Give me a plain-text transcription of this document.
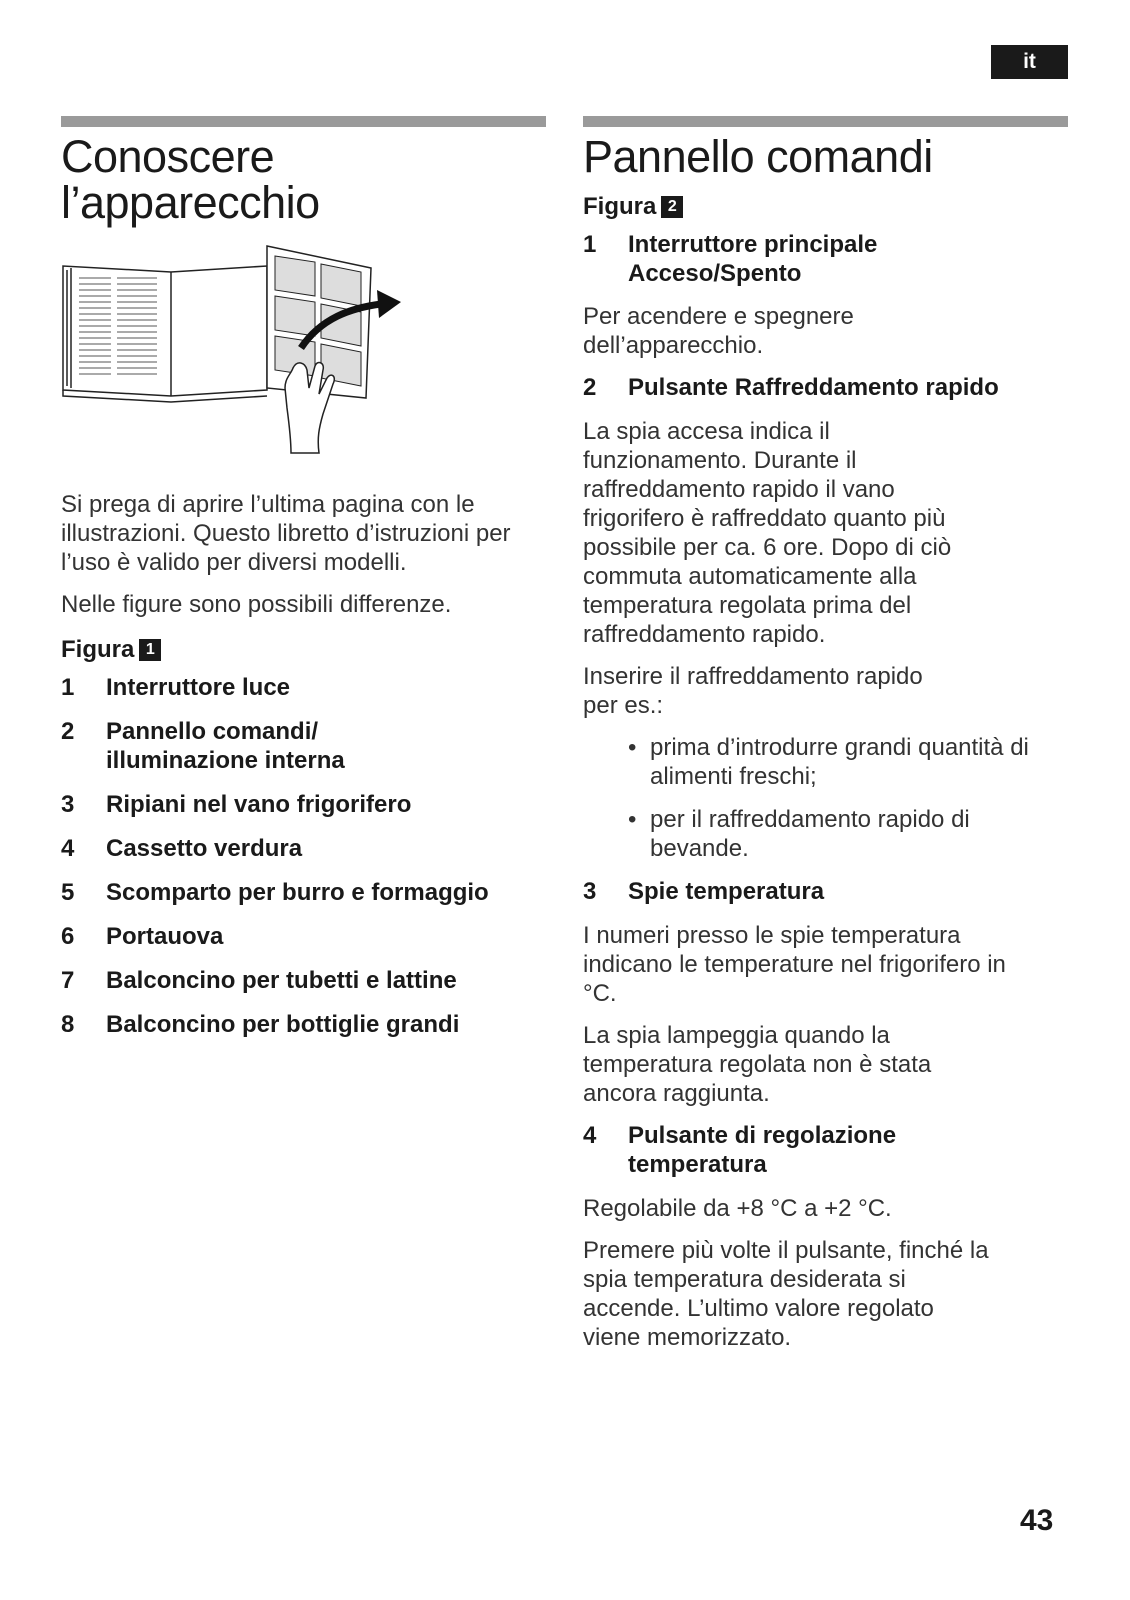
it
Conoscere
l’apparecchio

Si prega di aprire l’ultima pagina con le illustrazioni. Questo libretto d’istruzioni per l’uso è valido per diversi modelli.

Nelle figure sono possibili differenze.

Figura 1
1	Interruttore luce
2	Pannello comandi/ illuminazione interna
3	Ripiani nel vano frigorifero
4	Cassetto verdura
5	Scomparto per burro e formaggio
6	Portauova
7	Balconcino per tubetti e lattine
8	Balconcino per bottiglie grandi
Pannello comandi
Figura 2
1	Interruttore principale Acceso/Spento

Per acendere e spegnere dell’apparecchio.

2	Pulsante Raffreddamento rapido

La spia accesa indica il funzionamento. Durante il raffreddamento rapido il vano frigorifero è raffreddato quanto più possibile per ca. 6 ore. Dopo di ciò commuta automaticamente alla temperatura regolata prima del raffreddamento rapido.

Inserire il raffreddamento rapido per es.:

• prima d’introdurre grandi quantità di alimenti freschi;
• per il raffreddamento rapido di bevande.
3	Spie temperatura

I numeri presso le spie temperatura indicano le temperature nel frigorifero in °C.

La spia lampeggia quando la temperatura regolata non è stata ancora raggiunta.

4	Pulsante di regolazione temperatura

Regolabile da +8 °C a +2 °C.

Premere più volte il pulsante, finché la spia temperatura desiderata si accende. L’ultimo valore regolato viene memorizzato.

43
